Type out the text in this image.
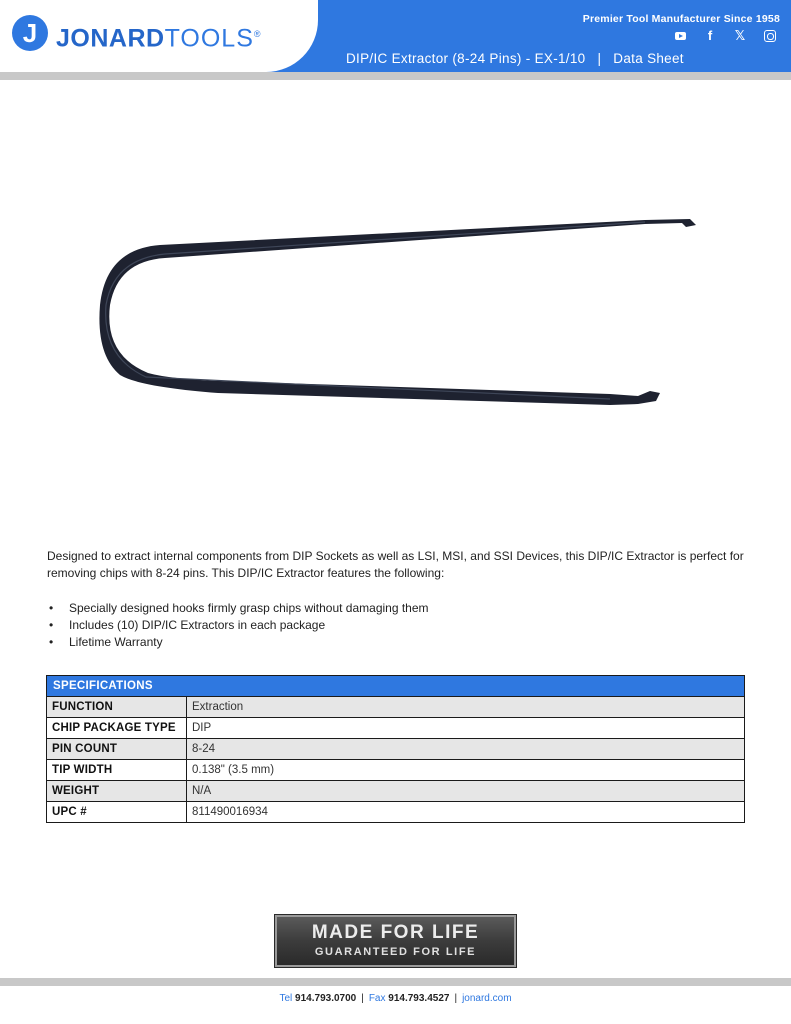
J JONARDTOOLS®
Premier Tool Manufacturer Since 1958
f	𝕏
DIP/IC Extractor (8-24 Pins) - EX-1/10 | Data Sheet

Designed to extract internal components from DIP Sockets as well as LSI, MSI, and SSI Devices, this DIP/IC Extractor is perfect for removing chips with 8-24 pins. This DIP/IC Extractor features the following:

• Specially designed hooks firmly grasp chips without damaging them
• Includes (10) DIP/IC Extractors in each package
• Lifetime Warranty
SPECIFICATIONS	
FUNCTION	Extraction
CHIP PACKAGE TYPE	DIP
PIN COUNT	8-24
TIP WIDTH	0.138" (3.5 mm)
WEIGHT	N/A
UPC #	811490016934
MADE FOR LIFE
GUARANTEED FOR LIFE
Tel 914.793.0700 | Fax 914.793.4527 | jonard.com
